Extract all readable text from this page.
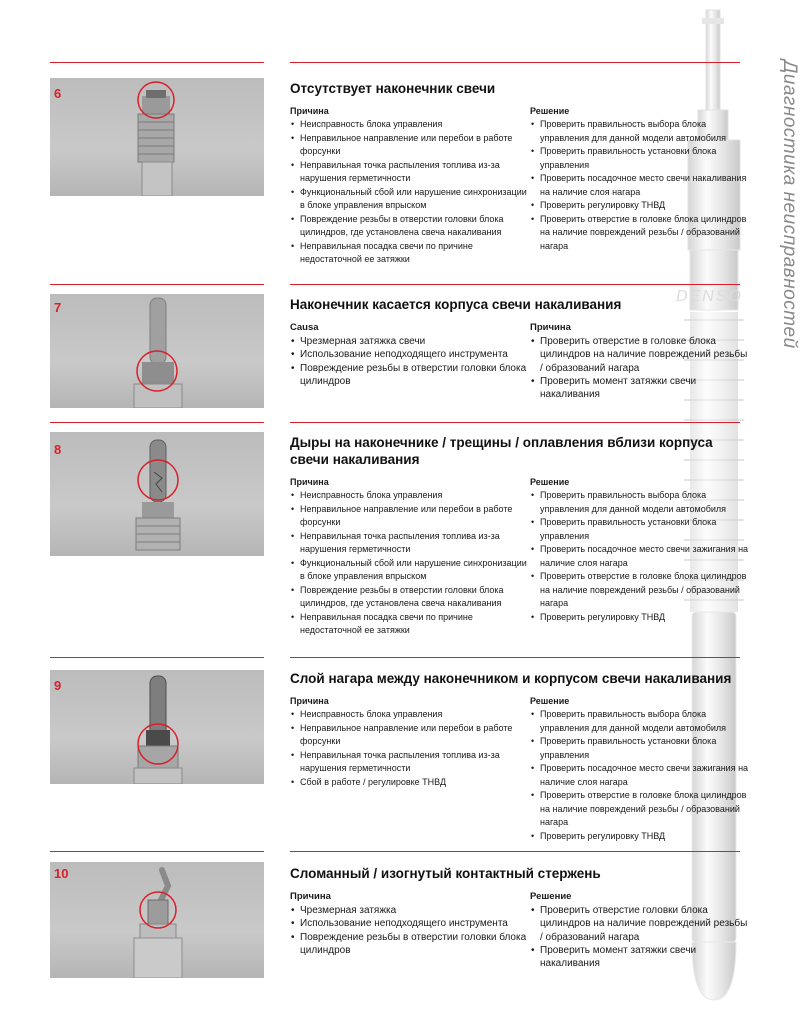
DENSO	Диагностика неисправностей
6	Отсутствует наконечник свечи
Причина
• Неисправность блока управления
• Неправильное направление или перебои в работе форсунки
• Неправильная точка распыления топлива из-за нарушения герметичности
• Функциональный сбой или нарушение синхронизации в блоке управления впрыском
• Повреждение резьбы в отверстии головки блока цилиндров, где установлена свеча накаливания
• Неправильная посадка свечи по причине недостаточной ее затяжки
Решение
• Проверить правильность выбора блока управления для данной модели автомобиля
• Проверить правильность установки блока управления
• Проверить посадочное место свечи накаливания на наличие слоя нагара
• Проверить регулировку ТНВД
• Проверить отверстие в головке блока цилиндров на наличие повреждений резьбы / образований нагара
7	Наконечник касается корпуса свечи накаливания
Causa
• Чрезмерная затяжка свечи
• Использование неподходящего инструмента
• Повреждение резьбы в отверстии головки блока цилиндров
Причина
• Проверить отверстие в головке блока цилиндров на наличие повреждений резьбы / образований нагара
• Проверить момент затяжки свечи накаливания
8	Дыры на наконечнике / трещины / оплавления вблизи корпуса свечи накаливания
Причина
• Неисправность блока управления
• Неправильное направление или перебои в работе форсунки
• Неправильная точка распыления топлива из-за нарушения герметичности
• Функциональный сбой или нарушение синхронизации в блоке управления впрыском
• Повреждение резьбы в отверстии головки блока цилиндров, где установлена свеча накаливания
• Неправильная посадка свечи по причине недостаточной ее затяжки
Решение
• Проверить правильность выбора блока управления для данной модели автомобиля
• Проверить правильность установки блока управления
• Проверить посадочное место свечи зажигания на наличие слоя нагара
• Проверить отверстие в головке блока цилиндров на наличие повреждений резьбы / образований нагара
• Проверить регулировку ТНВД
9	Слой нагара между наконечником и корпусом свечи накаливания
Причина
• Неисправность блока управления
• Неправильное направление или перебои в работе форсунки
• Неправильная точка распыления топлива из-за нарушения герметичности
• Сбой в работе / регулировке ТНВД
Решение
• Проверить правильность выбора блока управления для данной модели автомобиля
• Проверить правильность установки блока управления
• Проверить посадочное место свечи зажигания на наличие слоя нагара
• Проверить отверстие в головке блока цилиндров на наличие повреждений резьбы / образований нагара
• Проверить регулировку ТНВД
10	Сломанный / изогнутый контактный стержень
Причина
• Чрезмерная затяжка
• Использование неподходящего инструмента
• Повреждение резьбы в отверстии головки блока цилиндров
Решение
• Проверить отверстие головки блока цилиндров на наличие повреждений резьбы / образований нагара
• Проверить момент затяжки свечи накаливания
